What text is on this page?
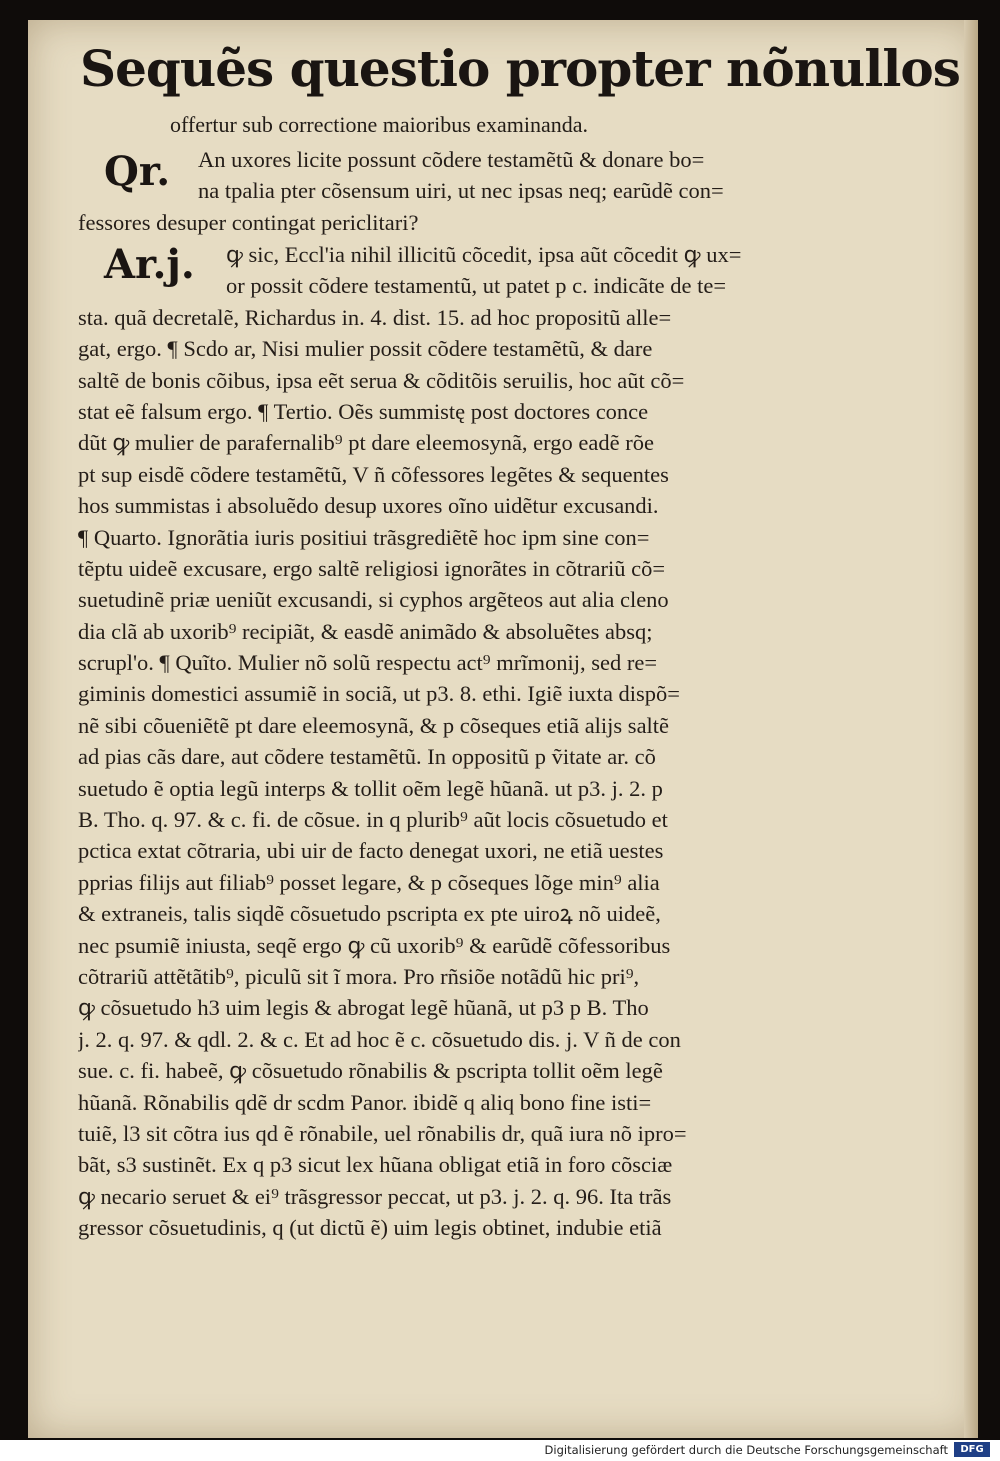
Sequẽs questio propter nõnullos
offertur sub correctione maioribus examinanda.
Qr.	An uxores licite possunt cõdere testamẽtũ & donare bo=
na tpalia pter cõsensum uiri, ut nec ipsas neq; earũdẽ con=
fessores desuper contingat periclitari?
Ar.j.	ꝙ sic, Eccl'ia nihil illicitũ cõcedit, ipsa aũt cõcedit ꝙ ux=
or possit cõdere testamentũ, ut patet p c. indicãte de te=
sta. quã decretalẽ, Richardus in. 4. dist. 15. ad hoc propositũ alle=
gat, ergo. ¶ Scdo ar, Nisi mulier possit cõdere testamẽtũ, & dare
saltẽ de bonis cõibus, ipsa eẽt serua & cõditõis seruilis, hoc aũt cõ=
stat eẽ falsum ergo. ¶ Tertio. Oẽs summistę post doctores conce
dũt ꝙ mulier de parafernalib⁹ pt dare eleemosynã, ergo eadẽ rõe
pt sup eisdẽ cõdere testamẽtũ, V ñ cõfessores legẽtes & sequentes
hos summistas i absoluẽdo desup uxores oĩno uidẽtur excusandi.
¶ Quarto. Ignorãtia iuris positiui trãsgrediẽtẽ hoc ipm sine con=
tẽptu uideẽ excusare, ergo saltẽ religiosi ignorãtes in cõtrariũ cõ=
suetudinẽ priæ ueniũt excusandi, si cyphos argẽteos aut alia cleno
dia clã ab uxorib⁹ recipiãt, & easdẽ animãdo & absoluẽtes absq;
scrupl'o. ¶ Quĩto. Mulier nõ solũ respectu act⁹ mrĩmonij, sed re=
giminis domestici assumiẽ in sociã, ut p3. 8. ethi. Igiẽ iuxta dispõ=
nẽ sibi cõueniẽtẽ pt dare eleemosynã, & p cõseques etiã alijs saltẽ
ad pias cãs dare, aut cõdere testamẽtũ. In oppositũ p ṽitate ar. cõ
suetudo ẽ optia legũ interps & tollit oẽm legẽ hũanã. ut p3. j. 2. p
B. Tho. q. 97. & c. fi. de cõsue. in q plurib⁹ aũt locis cõsuetudo et
pctica extat cõtraria, ubi uir de facto denegat uxori, ne etiã uestes
pprias filijs aut filiab⁹ posset legare, & p cõseques lõge min⁹ alia
& extraneis, talis siqdẽ cõsuetudo pscripta ex pte uiroꝝ nõ uideẽ,
nec psumiẽ iniusta, seqẽ ergo ꝙ cũ uxorib⁹ & earũdẽ cõfessoribus
cõtrariũ attẽtãtib⁹, piculũ sit ĩ mora. Pro rñsiõe notãdũ hic pri⁹,
ꝙ cõsuetudo h3 uim legis & abrogat legẽ hũanã, ut p3 p B. Tho
j. 2. q. 97. & qdl. 2. & c. Et ad hoc ẽ c. cõsuetudo dis. j. V ñ de con
sue. c. fi. habeẽ, ꝙ cõsuetudo rõnabilis & pscripta tollit oẽm legẽ
hũanã. Rõnabilis qdẽ dr scdm Panor. ibidẽ q aliq bono fine isti=
tuiẽ, l3 sit cõtra ius qd ẽ rõnabile, uel rõnabilis dr, quã iura nõ ipro=
bãt, s3 sustinẽt. Ex q p3 sicut lex hũana obligat etiã in foro cõsciæ
ꝙ necario seruet & ei⁹ trãsgressor peccat, ut p3. j. 2. q. 96. Ita trãs
gressor cõsuetudinis, q (ut dictũ ẽ) uim legis obtinet, indubie etiã
Digitalisierung gefördert durch die Deutsche Forschungsgemeinschaft	DFG
